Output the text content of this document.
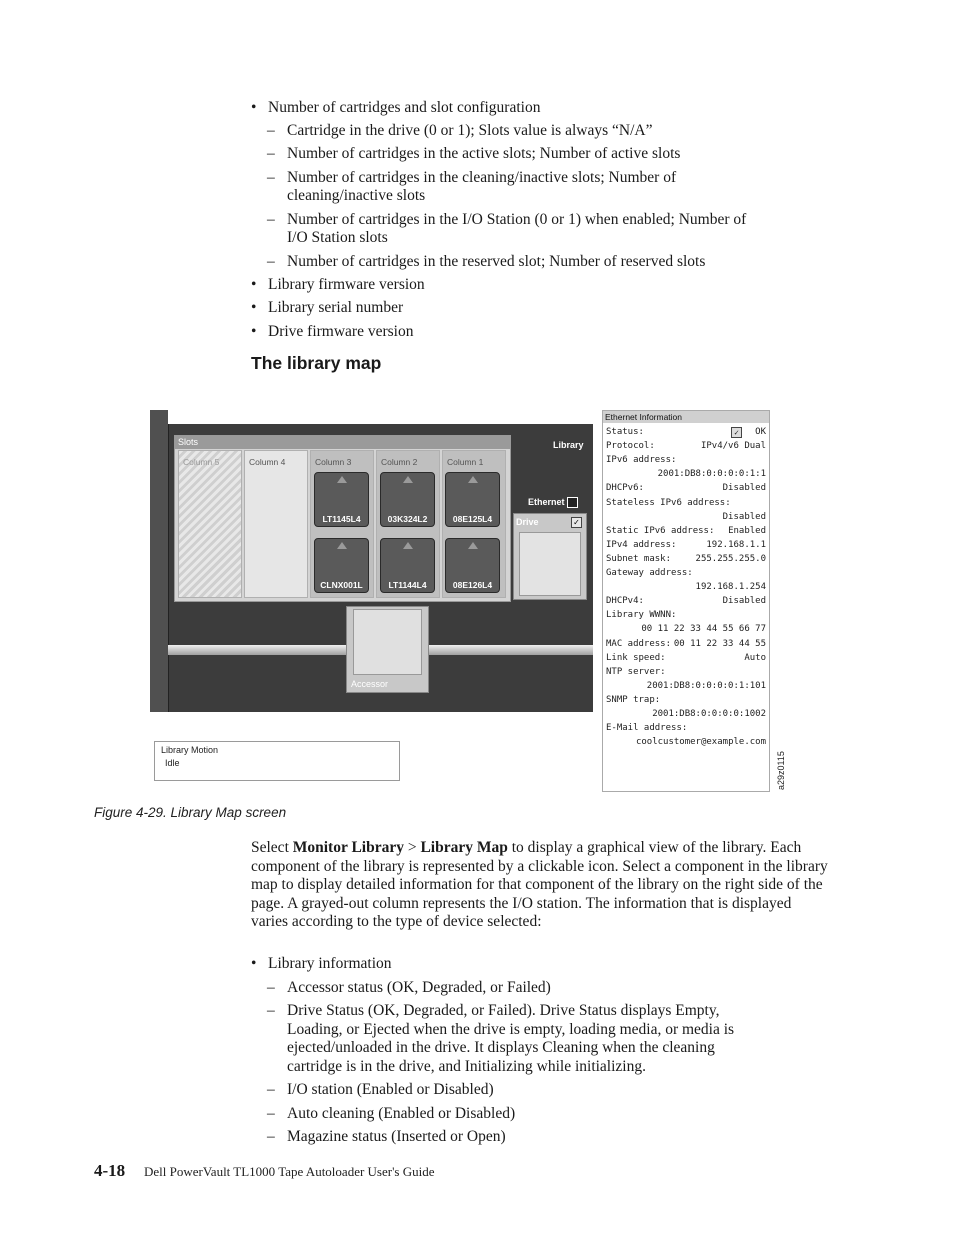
• Number of cartridges and slot configuration
– Cartridge in the drive (0 or 1); Slots value is always “N/A”
– Number of cartridges in the active slots; Number of active slots
– Number of cartridges in the cleaning/inactive slots; Number of
cleaning/inactive slots
– Number of cartridges in the I/O Station (0 or 1) when enabled; Number of
I/O Station slots
– Number of cartridges in the reserved slot; Number of reserved slots
• Library firmware version
• Library serial number
• Drive firmware version
The library map
Library
Slots
Column 5	Column 4	Column 3	Column 2	Column 1
LT1145L4	03K324L2	08E125L4
CLNX001L	LT1144L4	08E126L4
Ethernet
Drive	✓
Accessor
Library Motion
Idle
Ethernet Information
Status:	OK
✓
Protocol:	IPv4/v6 Dual
IPv6 address:
2001:DB8:0:0:0:0:1:1
DHCPv6:	Disabled
Stateless IPv6 address:
Disabled
Static IPv6 address: Enabled
IPv4 address:	192.168.1.1
Subnet mask:	255.255.255.0
Gateway address:
192.168.1.254
DHCPv4:	Disabled
Library WWNN:
00 11 22 33 44 55 66 77
MAC address: 00 11 22 33 44 55
Link speed:	Auto
NTP server:
2001:DB8:0:0:0:0:1:101
SNMP trap:
2001:DB8:0:0:0:0:1002
E-Mail address:
coolcustomer@example.com
a29z0115
Figure 4-29. Library Map screen
Select Monitor Library > Library Map to display a graphical view of the library. Each component of the library is represented by a clickable icon. Select a component in the library map to display detailed information for that component of the library on the right side of the page. A grayed-out column represents the I/O station. The information that is displayed varies according to the type of device selected:
• Library information
– Accessor status (OK, Degraded, or Failed)
– Drive Status (OK, Degraded, or Failed). Drive Status displays Empty,
Loading, or Ejected when the drive is empty, loading media, or media is
ejected/unloaded in the drive. It displays Cleaning when the cleaning
cartridge is in the drive, and Initializing while initializing.
– I/O station (Enabled or Disabled)
– Auto cleaning (Enabled or Disabled)
– Magazine status (Inserted or Open)
4-18 Dell PowerVault TL1000 Tape Autoloader User's Guide
